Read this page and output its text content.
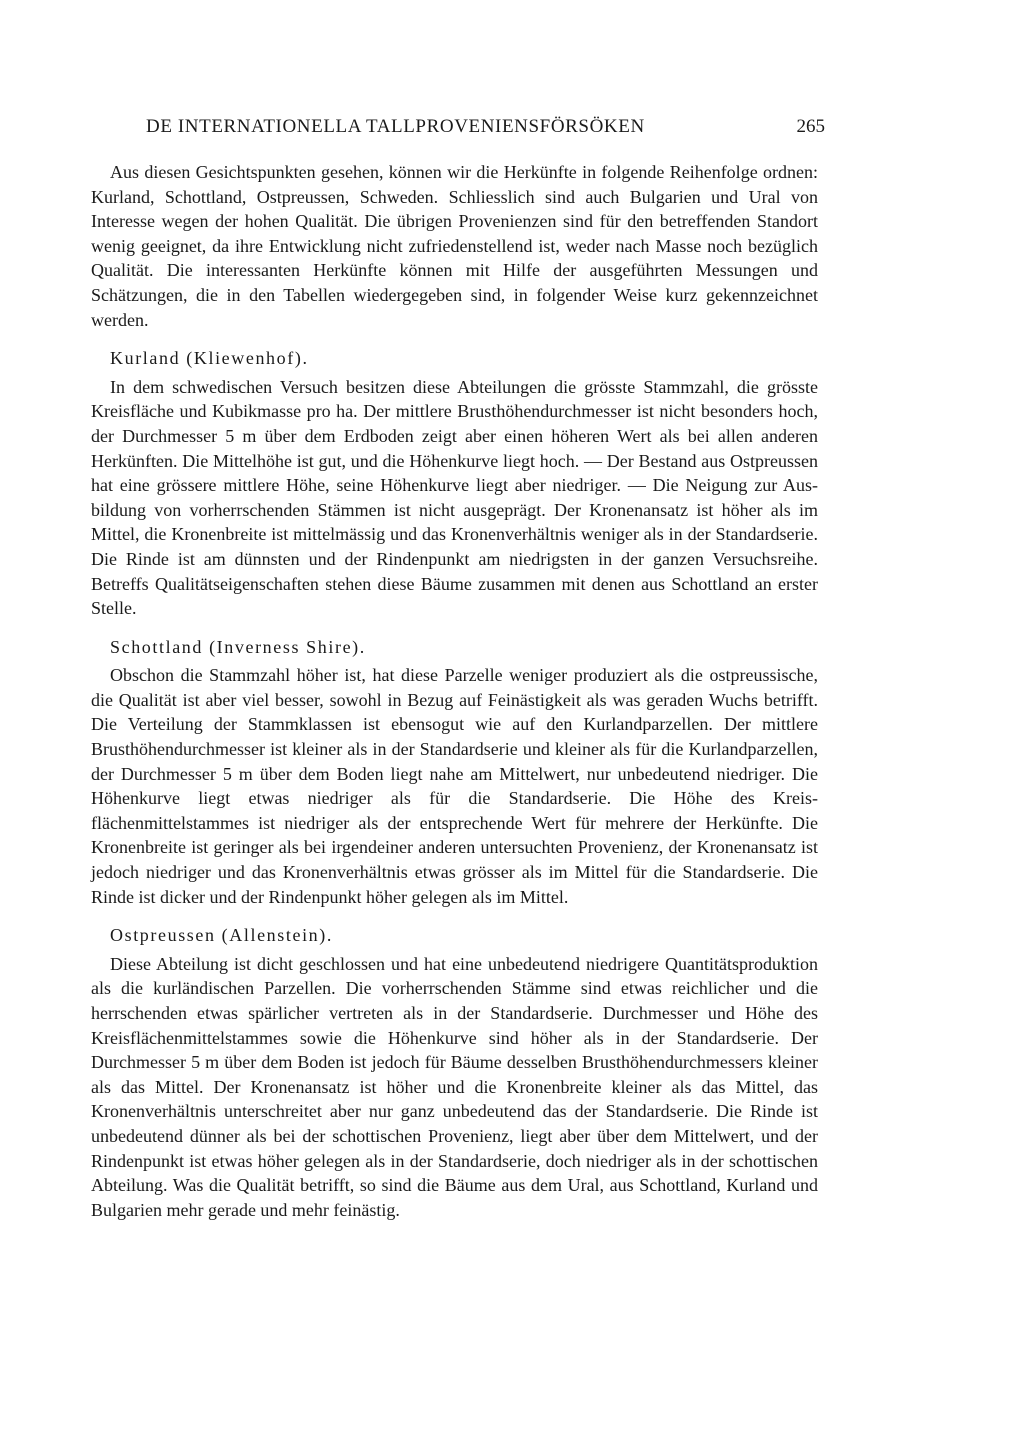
DE INTERNATIONELLA TALLPROVENIENSFÖRSÖKEN	265

Aus diesen Gesichtspunkten gesehen, können wir die Herkünfte in folgende Reihenfolge ordnen: Kurland, Schottland, Ostpreussen, Schweden. Schliesslich sind auch Bulgarien und Ural von Interesse wegen der hohen Qualität. Die übrigen Provenienzen sind für den betreffenden Standort wenig geeignet, da ihre Entwicklung nicht zufriedenstellend ist, weder nach Masse noch bezüglich Qualität. Die interessanten Herkünfte können mit Hilfe der ausgeführten Messungen und Schätzungen, die in den Tabellen wiedergegeben sind, in folgender Weise kurz gekennzeichnet werden.

Kurland (Kliewenhof).

In dem schwedischen Versuch besitzen diese Abteilungen die grösste Stammzahl, die grösste Kreisfläche und Kubikmasse pro ha. Der mittlere Brusthöhendurchmesser ist nicht besonders hoch, der Durchmesser 5 m über dem Erdboden zeigt aber einen höheren Wert als bei allen anderen Herkünften. Die Mittelhöhe ist gut, und die Höhenkurve liegt hoch. — Der Bestand aus Ostpreussen hat eine grössere mittlere Höhe, seine Höhenkurve liegt aber niedriger. — Die Neigung zur Ausbildung von vorherrschenden Stämmen ist nicht ausgeprägt. Der Kronenansatz ist höher als im Mittel, die Kronenbreite ist mittelmässig und das Kronenverhältnis weniger als in der Standardserie. Die Rinde ist am dünnsten und der Rindenpunkt am niedrigsten in der ganzen Versuchsreihe. Betreffs Qualitätseigenschaften stehen diese Bäume zusammen mit denen aus Schottland an erster Stelle.

Schottland (Inverness Shire).

Obschon die Stammzahl höher ist, hat diese Parzelle weniger produziert als die ostpreussische, die Qualität ist aber viel besser, sowohl in Bezug auf Feinästigkeit als was geraden Wuchs betrifft. Die Verteilung der Stammklassen ist ebensogut wie auf den Kurlandparzellen. Der mittlere Brusthöhendurchmesser ist kleiner als in der Standardserie und kleiner als für die Kurlandparzellen, der Durchmesser 5 m über dem Boden liegt nahe am Mittelwert, nur unbedeutend niedriger. Die Höhenkurve liegt etwas niedriger als für die Standardserie. Die Höhe des Kreisflächenmittelstammes ist niedriger als der entsprechende Wert für mehrere der Herkünfte. Die Kronenbreite ist geringer als bei irgendeiner anderen untersuchten Provenienz, der Kronenansatz ist jedoch niedriger und das Kronenverhältnis etwas grösser als im Mittel für die Standardserie. Die Rinde ist dicker und der Rindenpunkt höher gelegen als im Mittel.

Ostpreussen (Allenstein).

Diese Abteilung ist dicht geschlossen und hat eine unbedeutend niedrigere Quantitätsproduktion als die kurländischen Parzellen. Die vorherrschenden Stämme sind etwas reichlicher und die herrschenden etwas spärlicher vertreten als in der Standardserie. Durchmesser und Höhe des Kreisflächenmittelstammes sowie die Höhenkurve sind höher als in der Standardserie. Der Durchmesser 5 m über dem Boden ist jedoch für Bäume desselben Brusthöhendurchmessers kleiner als das Mittel. Der Kronenansatz ist höher und die Kronenbreite kleiner als das Mittel, das Kronenverhältnis unterschreitet aber nur ganz unbedeutend das der Standardserie. Die Rinde ist unbedeutend dünner als bei der schottischen Provenienz, liegt aber über dem Mittelwert, und der Rindenpunkt ist etwas höher gelegen als in der Standardserie, doch niedriger als in der schottischen Abteilung. Was die Qualität betrifft, so sind die Bäume aus dem Ural, aus Schottland, Kurland und Bulgarien mehr gerade und mehr feinästig.
